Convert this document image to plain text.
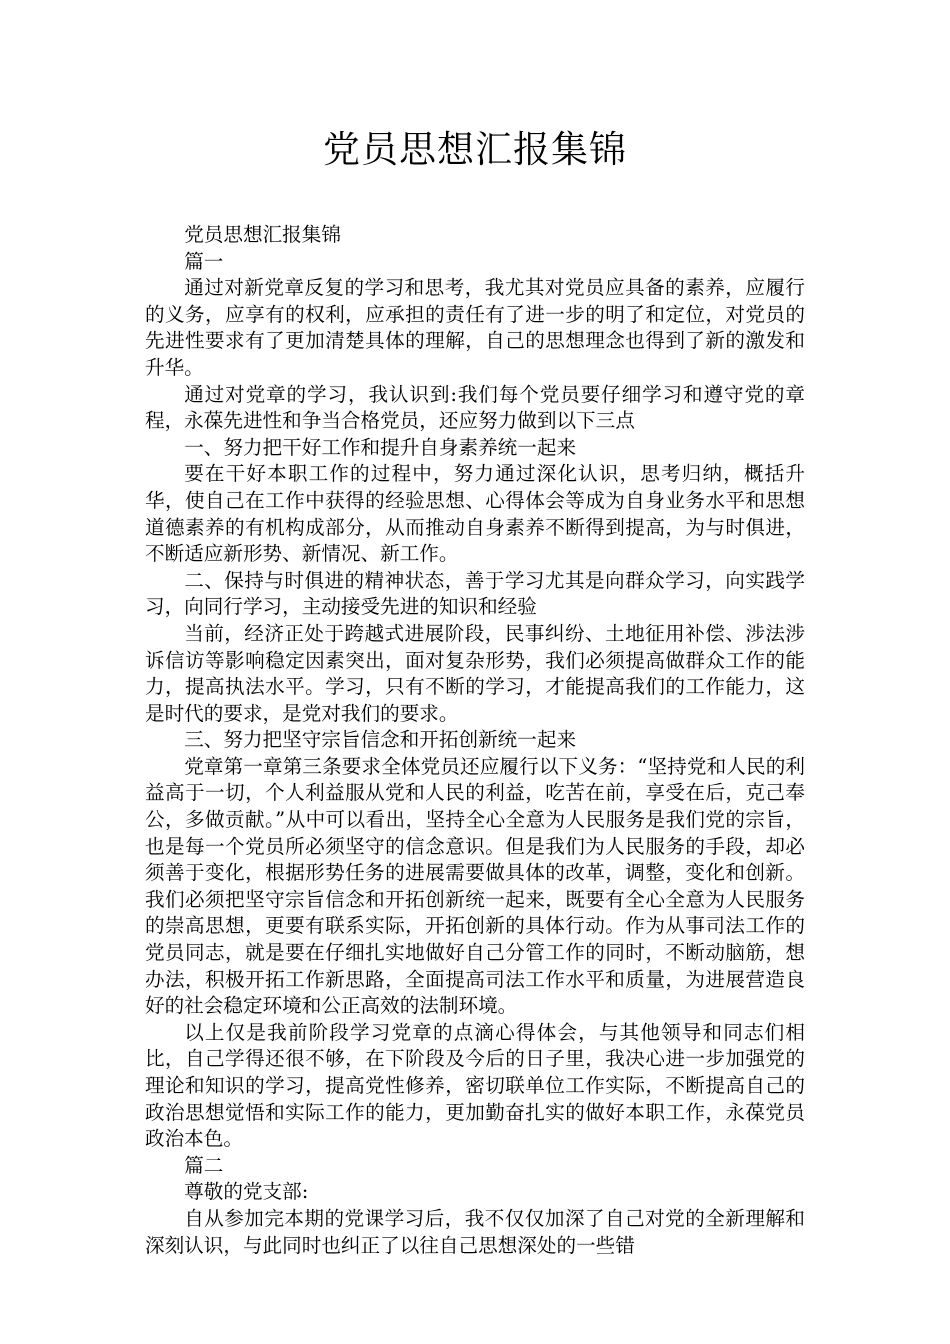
党员思想汇报集锦

党员思想汇报集锦

篇一

通过对新党章反复的学习和思考，我尤其对党员应具备的素养，应履行的义务，应享有的权利，应承担的责任有了进一步的明了和定位，对党员的先进性要求有了更加清楚具体的理解，自己的思想理念也得到了新的激发和升华。

通过对党章的学习，我认识到:我们每个党员要仔细学习和遵守党的章程，永葆先进性和争当合格党员，还应努力做到以下三点

一、努力把干好工作和提升自身素养统一起来

要在干好本职工作的过程中，努力通过深化认识，思考归纳，概括升华，使自己在工作中获得的经验思想、心得体会等成为自身业务水平和思想道德素养的有机构成部分，从而推动自身素养不断得到提高，为与时俱进，不断适应新形势、新情况、新工作。

二、保持与时俱进的精神状态，善于学习尤其是向群众学习，向实践学习，向同行学习，主动接受先进的知识和经验

当前，经济正处于跨越式进展阶段，民事纠纷、土地征用补偿、涉法涉诉信访等影响稳定因素突出，面对复杂形势，我们必须提高做群众工作的能力，提高执法水平。学习，只有不断的学习，才能提高我们的工作能力，这是时代的要求，是党对我们的要求。

三、努力把坚守宗旨信念和开拓创新统一起来

党章第一章第三条要求全体党员还应履行以下义务：“坚持党和人民的利益高于一切，个人利益服从党和人民的利益，吃苦在前，享受在后，克己奉公，多做贡献。”从中可以看出，坚持全心全意为人民服务是我们党的宗旨，也是每一个党员所必须坚守的信念意识。但是我们为人民服务的手段，却必须善于变化，根据形势任务的进展需要做具体的改革，调整，变化和创新。我们必须把坚守宗旨信念和开拓创新统一起来，既要有全心全意为人民服务的崇高思想，更要有联系实际，开拓创新的具体行动。作为从事司法工作的党员同志，就是要在仔细扎实地做好自己分管工作的同时，不断动脑筋，想办法，积极开拓工作新思路，全面提高司法工作水平和质量，为进展营造良好的社会稳定环境和公正高效的法制环境。

以上仅是我前阶段学习党章的点滴心得体会，与其他领导和同志们相比，自己学得还很不够，在下阶段及今后的日子里，我决心进一步加强党的理论和知识的学习，提高党性修养，密切联单位工作实际，不断提高自己的政治思想觉悟和实际工作的能力，更加勤奋扎实的做好本职工作，永葆党员政治本色。

篇二

尊敬的党支部:

自从参加完本期的党课学习后，我不仅仅加深了自己对党的全新理解和深刻认识，与此同时也纠正了以往自己思想深处的一些错
